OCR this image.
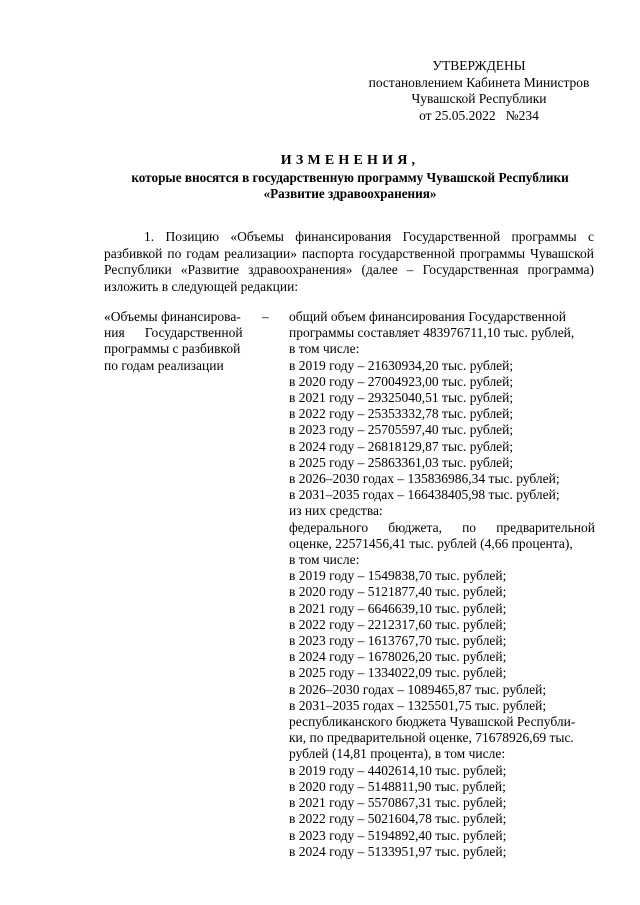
УТВЕРЖДЕНЫ
постановлением Кабинета Министров
Чувашской Республики
от 25.05.2022   №234
ИЗМЕНЕНИЯ,
которые вносятся в государственную программу Чувашской Республики
«Развитие здравоохранения»
1. Позицию «Объемы финансирования Государственной программы с разбивкой по годам реализации» паспорта государственной программы Чувашской Республики «Развитие здравоохранения» (далее – Государственная программа) изложить в следующей редакции:
«Объемы финансирова-
ния      Государственной
программы с разбивкой
по годам реализации
– общий объем финансирования Государственной
программы составляет 483976711,10 тыс. рублей,
в том числе:
в 2019 году – 21630934,20 тыс. рублей;
в 2020 году – 27004923,00 тыс. рублей;
в 2021 году – 29325040,51 тыс. рублей;
в 2022 году – 25353332,78 тыс. рублей;
в 2023 году – 25705597,40 тыс. рублей;
в 2024 году – 26818129,87 тыс. рублей;
в 2025 году – 25863361,03 тыс. рублей;
в 2026–2030 годах – 135836986,34 тыс. рублей;
в 2031–2035 годах – 166438405,98 тыс. рублей;
из них средства:
федерального бюджета, по предварительной
оценке, 22571456,41 тыс. рублей (4,66 процента),
в том числе:
в 2019 году – 1549838,70 тыс. рублей;
в 2020 году – 5121877,40 тыс. рублей;
в 2021 году – 6646639,10 тыс. рублей;
в 2022 году – 2212317,60 тыс. рублей;
в 2023 году – 1613767,70 тыс. рублей;
в 2024 году – 1678026,20 тыс. рублей;
в 2025 году – 1334022,09 тыс. рублей;
в 2026–2030 годах – 1089465,87 тыс. рублей;
в 2031–2035 годах – 1325501,75 тыс. рублей;
республиканского бюджета Чувашской Республи-
ки, по предварительной оценке, 71678926,69 тыс.
рублей (14,81 процента), в том числе:
в 2019 году – 4402614,10 тыс. рублей;
в 2020 году – 5148811,90 тыс. рублей;
в 2021 году – 5570867,31 тыс. рублей;
в 2022 году – 5021604,78 тыс. рублей;
в 2023 году – 5194892,40 тыс. рублей;
в 2024 году – 5133951,97 тыс. рублей;
